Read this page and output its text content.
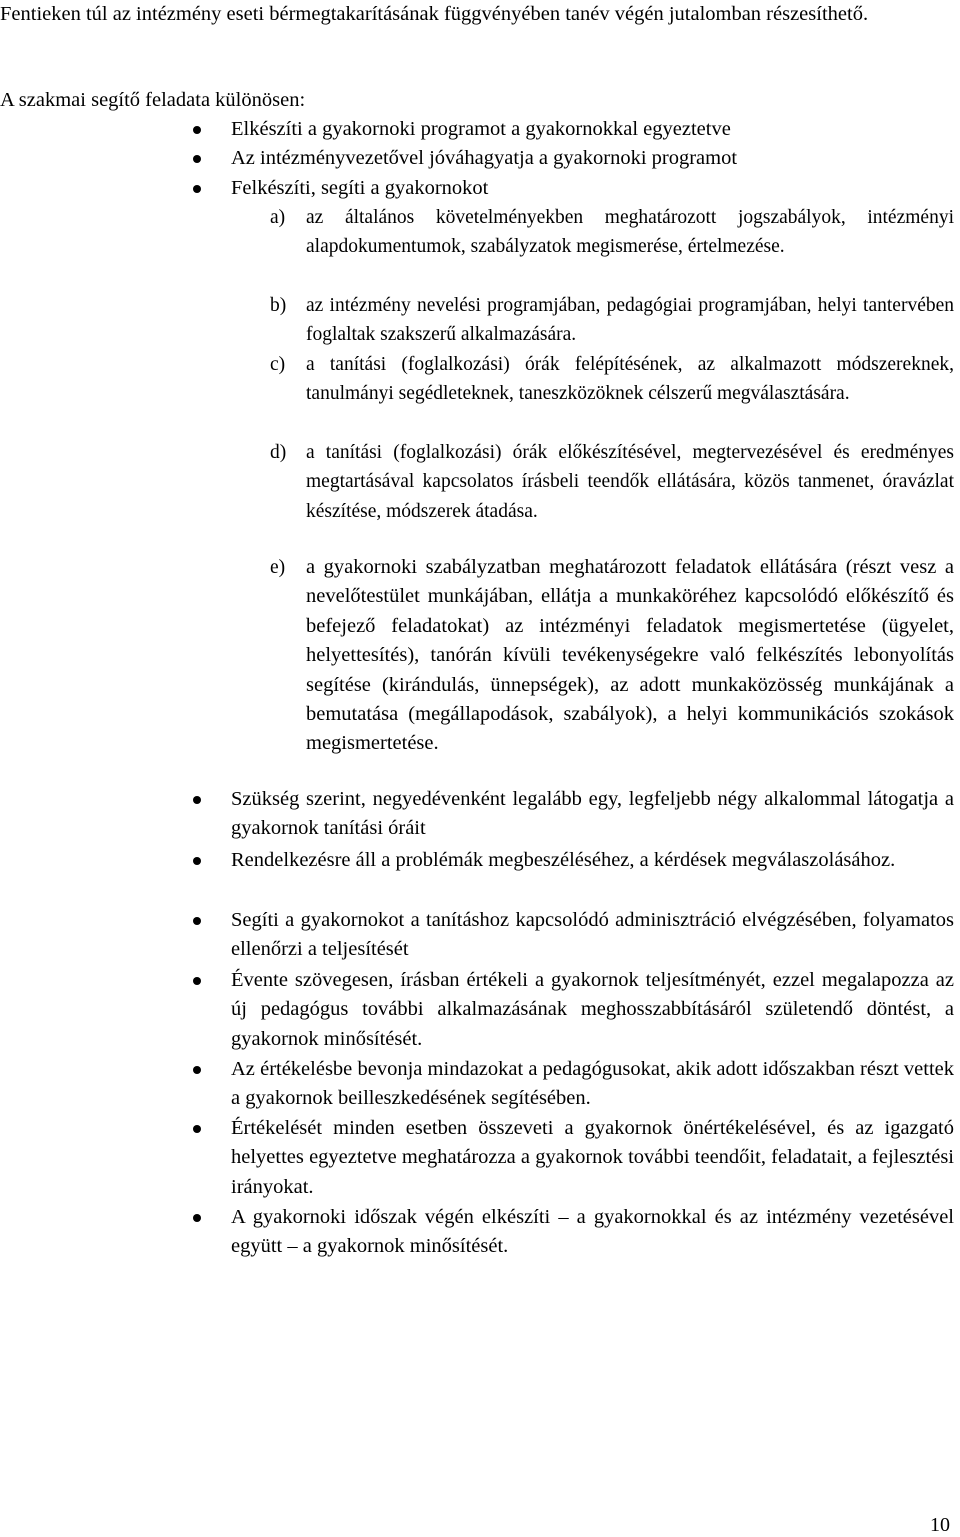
Fentieken túl az intézmény eseti bérmegtakarításának függvényében tanév végén jutalomban részesíthető.

A szakmai segítő feladata különösen:

Elkészíti a gyakornoki programot a gyakornokkal egyeztetve

Az intézményvezetővel jóváhagyatja a gyakornoki programot

Felkészíti, segíti a gyakornokot

a) az általános követelményekben meghatározott jogszabályok, intézményi alapdokumentumok, szabályzatok megismerése, értelmezése.

b) az intézmény nevelési programjában, pedagógiai programjában, helyi tantervében foglaltak szakszerű alkalmazására.

c) a tanítási (foglalkozási) órák felépítésének, az alkalmazott módszereknek, tanulmányi segédleteknek, taneszközöknek célszerű megválasztására.

d) a tanítási (foglalkozási) órák előkészítésével, megtervezésével és eredményes megtartásával kapcsolatos írásbeli teendők ellátására, közös tanmenet, óravázlat készítése, módszerek átadása.

e) a gyakornoki szabályzatban meghatározott feladatok ellátására (részt vesz a nevelőtestület munkájában, ellátja a munkaköréhez kapcsolódó előkészítő és befejező feladatokat) az intézményi feladatok megismertetése (ügyelet, helyettesítés), tanórán kívüli tevékenységekre való felkészítés lebonyolítás segítése (kirándulás, ünnepségek), az adott munkaközösség munkájának a bemutatása (megállapodások, szabályok), a helyi kommunikációs szokások megismertetése.

Szükség szerint, negyedévenként legalább egy, legfeljebb négy alkalommal látogatja a gyakornok tanítási óráit

Rendelkezésre áll a problémák megbeszéléséhez, a kérdések megválaszolásához.

Segíti a gyakornokot a tanításhoz kapcsolódó adminisztráció elvégzésében, folyamatos ellenőrzi a teljesítését

Évente szövegesen, írásban értékeli a gyakornok teljesítményét, ezzel megalapozza az új pedagógus további alkalmazásának meghosszabbításáról születendő döntést, a gyakornok minősítését.

Az értékelésbe bevonja mindazokat a pedagógusokat, akik adott időszakban részt vettek a gyakornok beilleszkedésének segítésében.

Értékelését minden esetben összeveti a gyakornok önértékelésével, és az igazgató helyettes egyeztetve meghatározza a gyakornok további teendőit, feladatait, a fejlesztési irányokat.

A gyakornoki időszak végén elkészíti – a gyakornokkal és az intézmény vezetésével együtt – a gyakornok minősítését.

10
